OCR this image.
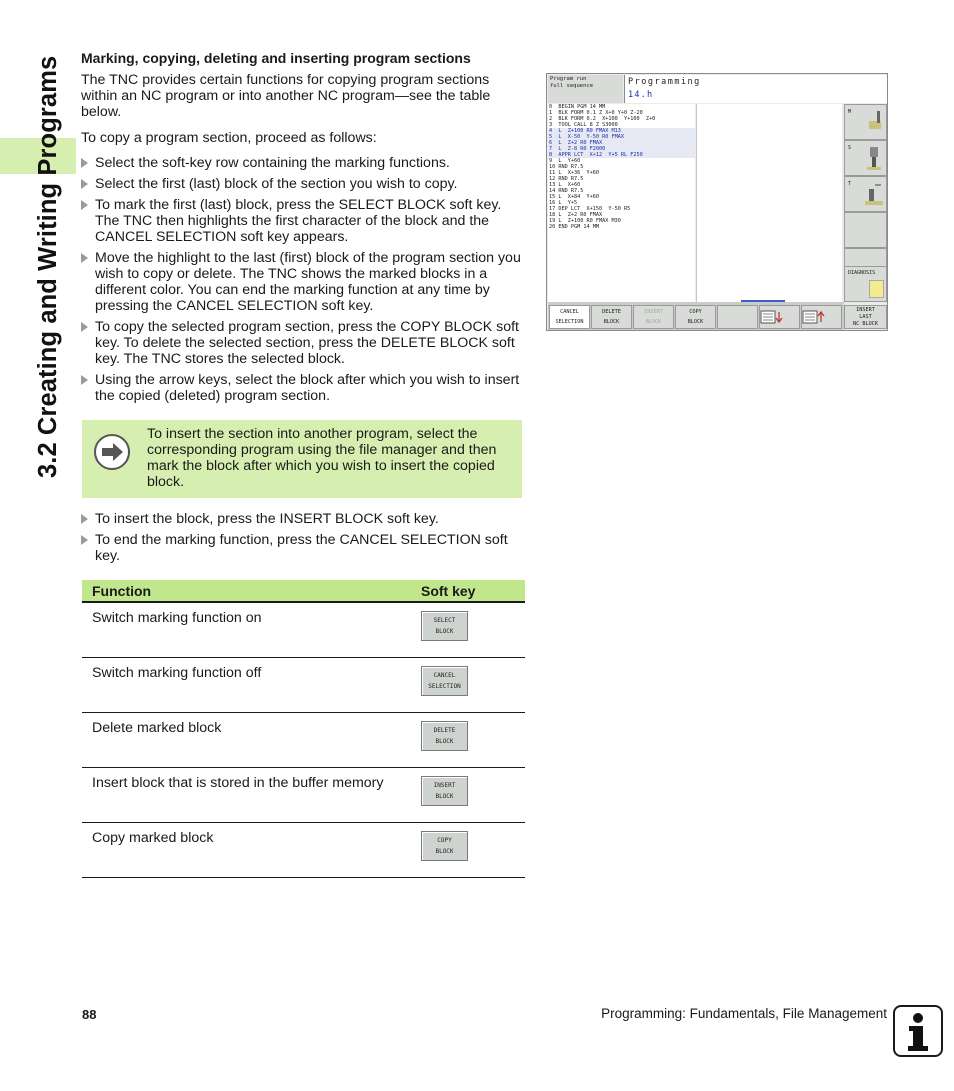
3.2 Creating and Writing Programs Marking, copying, deleting and inserting program sections

The TNC provides certain functions for copying program sections within an NC program or into another NC program—see the table below.

To copy a program section, proceed as follows:

Select the soft-key row containing the marking functions.
Select the first (last) block of the section you wish to copy.
To mark the first (last) block, press the SELECT BLOCK soft key. The TNC then highlights the first character of the block and the CANCEL SELECTION soft key appears.
Move the highlight to the last (first) block of the program section you wish to copy or delete. The TNC shows the marked blocks in a different color. You can end the marking function at any time by pressing the CANCEL SELECTION soft key.
To copy the selected program section, press the COPY BLOCK soft key. To delete the selected section, press the DELETE BLOCK soft key. The TNC stores the selected block.
Using the arrow keys, select the block after which you wish to insert the copied (deleted) program section.
To insert the block, press the INSERT BLOCK soft key.
To end the marking function, press the CANCEL SELECTION soft key.
To insert the section into another program, select the corresponding program using the file manager and then mark the block after which you wish to insert the copied block.
Function	Soft key
Switch marking function on	SELECT
BLOCK

Switch marking function off	CANCEL
SELECTION

Delete marked block	DELETE
BLOCK

Insert block that is stored in the buffer memory	INSERT
BLOCK

Copy marked block	COPY
BLOCK
Program run
full sequence	Programming
14.h
0  BEGIN PGM 14 MM
1  BLK FORM 0.1 Z X+0 Y+0 Z-20
2  BLK FORM 0.2  X+100  Y+100  Z+0
3  TOOL CALL 8 Z S3000
4  L  Z+100 R0 FMAX M13
5  L  X-50  Y-50 R0 FMAX
6  L  Z+2 R0 FMAX
7  L  Z-8 R0 F2000
8  APPR LCT  X+12  Y+5 RL F250
9  L  Y+60
10 RND R7.5
11 L  X+36  Y+60
12 RND R7.5
13 L  X+60
14 RND R7.5
15 L  X+84  Y+60
16 L  Y+5
17 DEP LCT  X+150  Y-50 R5
18 L  Z+2 R0 FMAX
19 L  Z+100 R0 FMAX M30
20 END PGM 14 MM
M
S
T
DIAGNOSIS
CANCEL
SELECTION
DELETE
BLOCK
INSERT
BLOCK
COPY
BLOCK
INSERT
LAST
NC BLOCK
88	Programming: Fundamentals, File Management
